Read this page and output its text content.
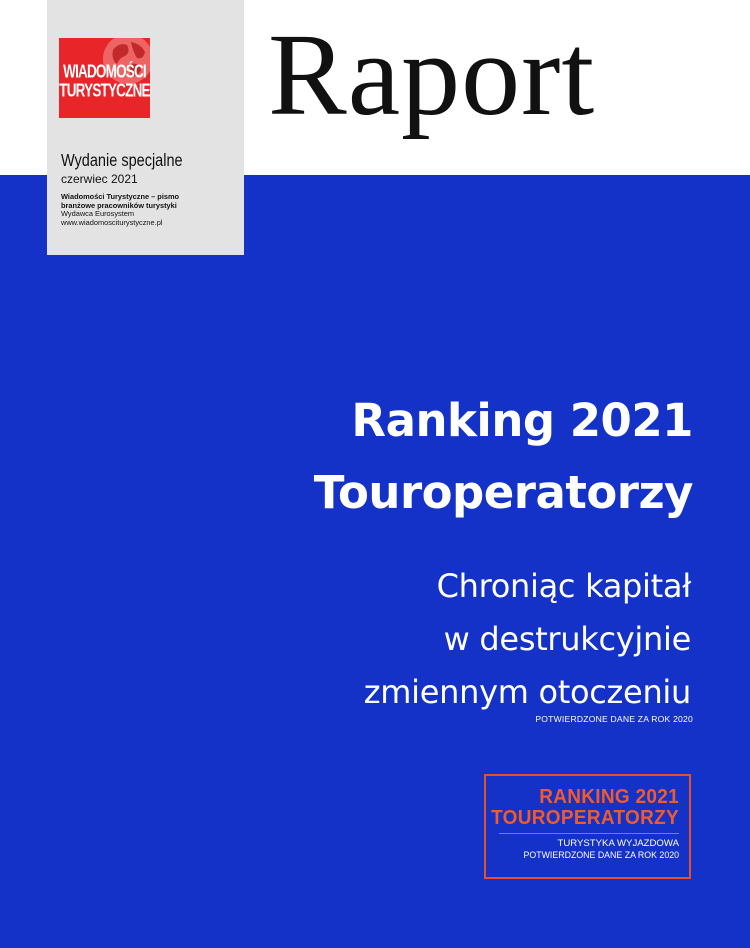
Raport
WIADOMOŚCI
TURYSTYCZNE
Wydanie specjalne
czerwiec 2021
Wiadomości Turystyczne – pismo
branżowe pracowników turystyki
Wydawca Eurosystem
www.wiadomosciturystyczne.pl
Ranking 2021
Touroperatorzy
Chroniąc kapitał
w destrukcyjnie
zmiennym otoczeniu
POTWIERDZONE DANE ZA ROK 2020
RANKING 2021
TOUROPERATORZY
TURYSTYKA WYJAZDOWA
POTWIERDZONE DANE ZA ROK 2020
